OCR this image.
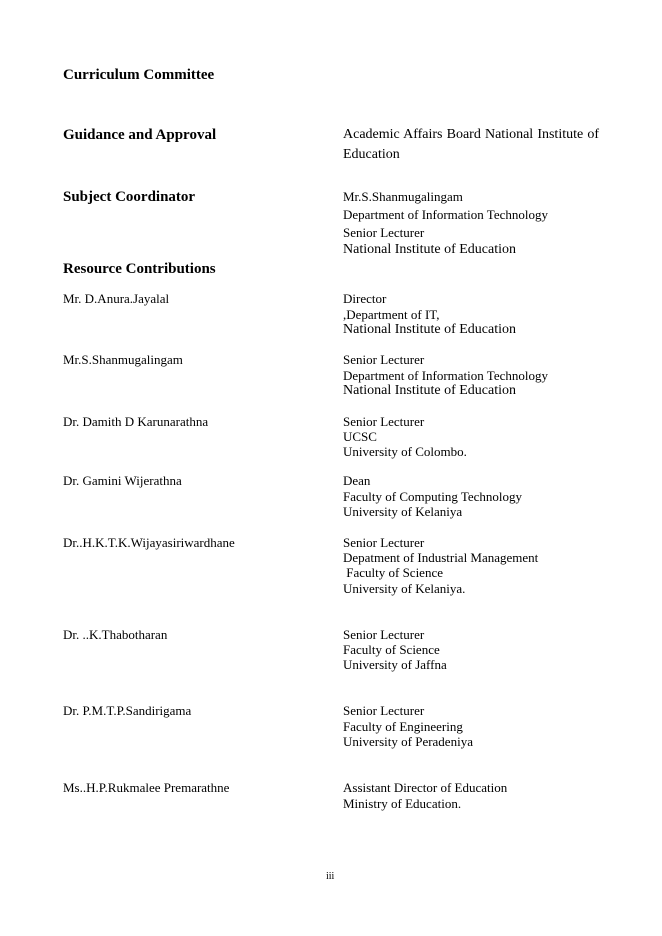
Curriculum Committee
Guidance and Approval	Academic Affairs Board National Institute of Education
Subject Coordinator	Mr.S.Shanmugalingam
Department of Information Technology
Senior Lecturer
National Institute of Education
Resource Contributions
Mr. D.Anura.Jayalal	Director
,Department of IT,
National Institute of Education
Mr.S.Shanmugalingam	Senior Lecturer
Department of Information Technology
National Institute of Education
Dr. Damith D Karunarathna	Senior Lecturer
UCSC
University of Colombo.
Dr. Gamini Wijerathna	Dean
Faculty of Computing Technology
University of Kelaniya
Dr..H.K.T.K.Wijayasiriwardhane	Senior Lecturer
Depatment of Industrial Management
Faculty of Science
University of Kelaniya.
Dr. ..K.Thabotharan	Senior Lecturer
Faculty of Science
University of Jaffna
Dr. P.M.T.P.Sandirigama	Senior Lecturer
Faculty of Engineering
University of Peradeniya
Ms..H.P.Rukmalee Premarathne	Assistant Director of Education
Ministry of Education.
iii
